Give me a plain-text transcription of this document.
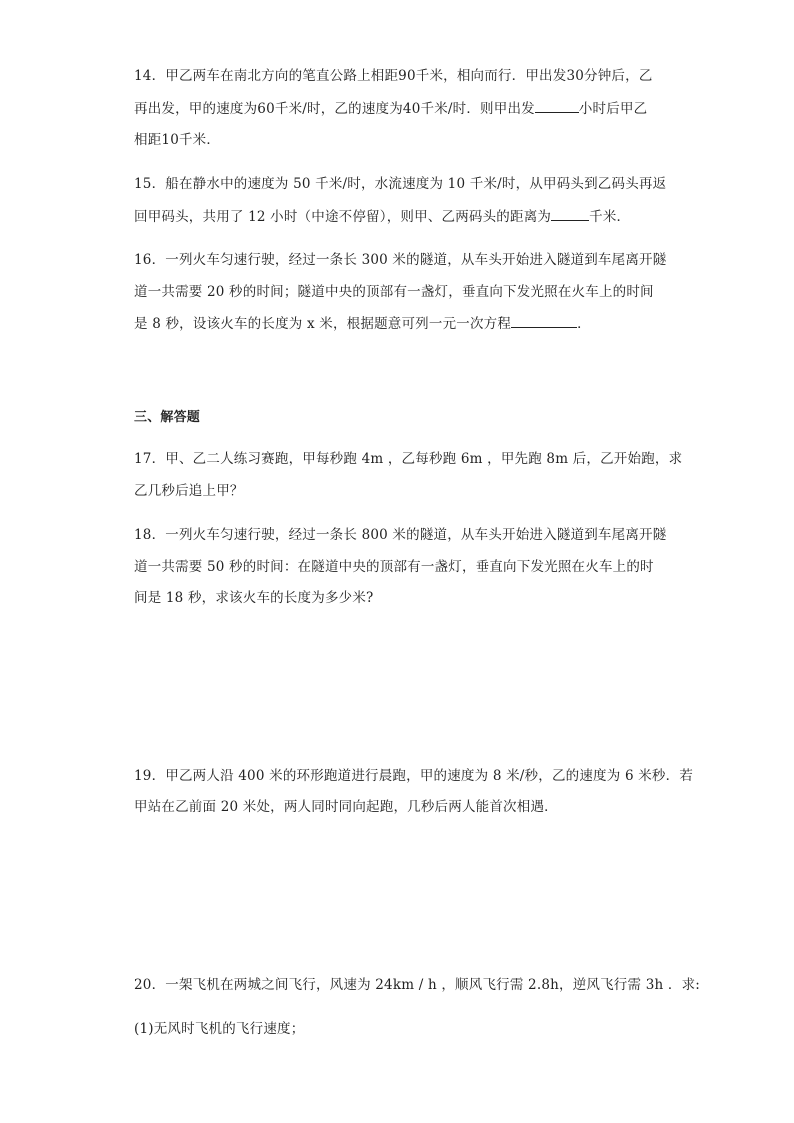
14．甲乙两车在南北方向的笔直公路上相距90千米，相向而行．甲出发30分钟后，乙
再出发，甲的速度为60千米/时，乙的速度为40千米/时．则甲出发	小时后甲乙
相距10千米．
15．船在静水中的速度为 50 千米/时，水流速度为 10 千米/时，从甲码头到乙码头再返
回甲码头，共用了 12 小时（中途不停留），则甲、乙两码头的距离为	千米．
16．一列火车匀速行驶，经过一条长 300 米的隧道，从车头开始进入隧道到车尾离开隧
道一共需要 20 秒的时间；隧道中央的顶部有一盏灯，垂直向下发光照在火车上的时间
是 8 秒，设该火车的长度为 x 米，根据题意可列一元一次方程	．
三、解答题
17．甲、乙二人练习赛跑，甲每秒跑 4m ，乙每秒跑 6m ，甲先跑 8m 后，乙开始跑，求
乙几秒后追上甲？
18．一列火车匀速行驶，经过一条长 800 米的隧道，从车头开始进入隧道到车尾离开隧
道一共需要 50 秒的时间：在隧道中央的顶部有一盏灯，垂直向下发光照在火车上的时
间是 18 秒，求该火车的长度为多少米?
19．甲乙两人沿 400 米的环形跑道进行晨跑，甲的速度为 8 米/秒，乙的速度为 6 米秒．若
甲站在乙前面 20 米处，两人同时同向起跑，几秒后两人能首次相遇．
20．一架飞机在两城之间飞行，风速为 24km / h ，顺风飞行需 2.8h，逆风飞行需 3h ．求:
(1)无风时飞机的飞行速度；
